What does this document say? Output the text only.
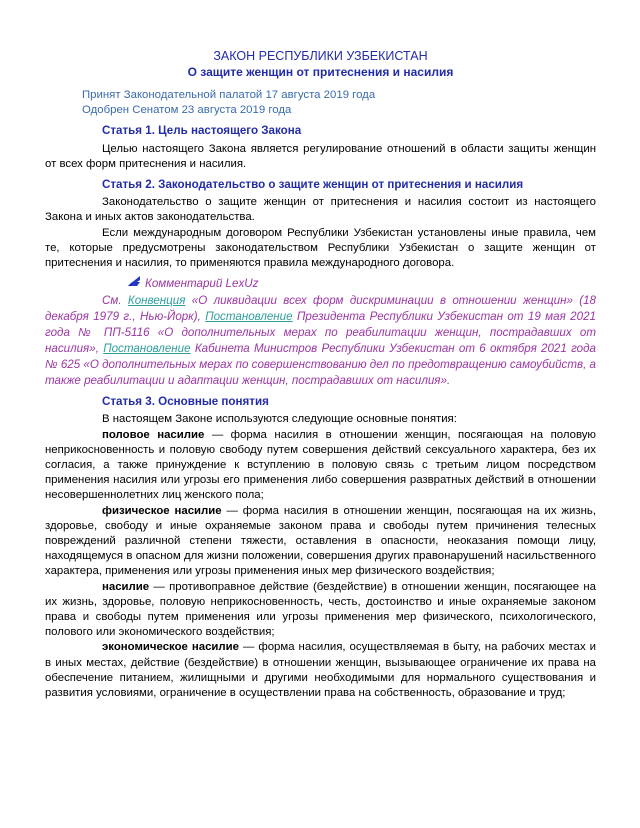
ЗАКОН РЕСПУБЛИКИ УЗБЕКИСТАН

О защите женщин от притеснения и насилия

Принят Законодательной палатой 17 августа 2019 года

Одобрен Сенатом 23 августа 2019 года

Статья 1. Цель настоящего Закона

Целью настоящего Закона является регулирование отношений в области защиты женщин от всех форм притеснения и насилия.

Статья 2. Законодательство о защите женщин от притеснения и насилия

Законодательство о защите женщин от притеснения и насилия состоит из настоящего Закона и иных актов законодательства.

Если международным договором Республики Узбекистан установлены иные правила, чем те, которые предусмотрены законодательством Республики Узбекистан о защите женщин от притеснения и насилия, то применяются правила международного договора.

Комментарий LexUz

См. Конвенция «О ликвидации всех форм дискриминации в отношении женщин» (18 декабря 1979 г., Нью-Йорк), Постановление Президента Республики Узбекистан от 19 мая 2021 года № ПП-5116 «О дополнительных мерах по реабилитации женщин, пострадавших от насилия», Постановление Кабинета Министров Республики Узбекистан от 6 октября 2021 года № 625 «О дополнительных мерах по совершенствованию дел по предотвращению самоубийств, а также реабилитации и адаптации женщин, пострадавших от насилия».

Статья 3. Основные понятия

В настоящем Законе используются следующие основные понятия:

половое насилие — форма насилия в отношении женщин, посягающая на половую неприкосновенность и половую свободу путем совершения действий сексуального характера, без их согласия, а также принуждение к вступлению в половую связь с третьим лицом посредством применения насилия или угрозы его применения либо совершения развратных действий в отношении несовершеннолетних лиц женского пола;

физическое насилие — форма насилия в отношении женщин, посягающая на их жизнь, здоровье, свободу и иные охраняемые законом права и свободы путем причинения телесных повреждений различной степени тяжести, оставления в опасности, неоказания помощи лицу, находящемуся в опасном для жизни положении, совершения других правонарушений насильственного характера, применения или угрозы применения иных мер физического воздействия;

насилие — противоправное действие (бездействие) в отношении женщин, посягающее на их жизнь, здоровье, половую неприкосновенность, честь, достоинство и иные охраняемые законом права и свободы путем применения или угрозы применения мер физического, психологического, полового или экономического воздействия;

экономическое насилие — форма насилия, осуществляемая в быту, на рабочих местах и в иных местах, действие (бездействие) в отношении женщин, вызывающее ограничение их права на обеспечение питанием, жилищными и другими необходимыми для нормального существования и развития условиями, ограничение в осуществлении права на собственность, образование и труд;
